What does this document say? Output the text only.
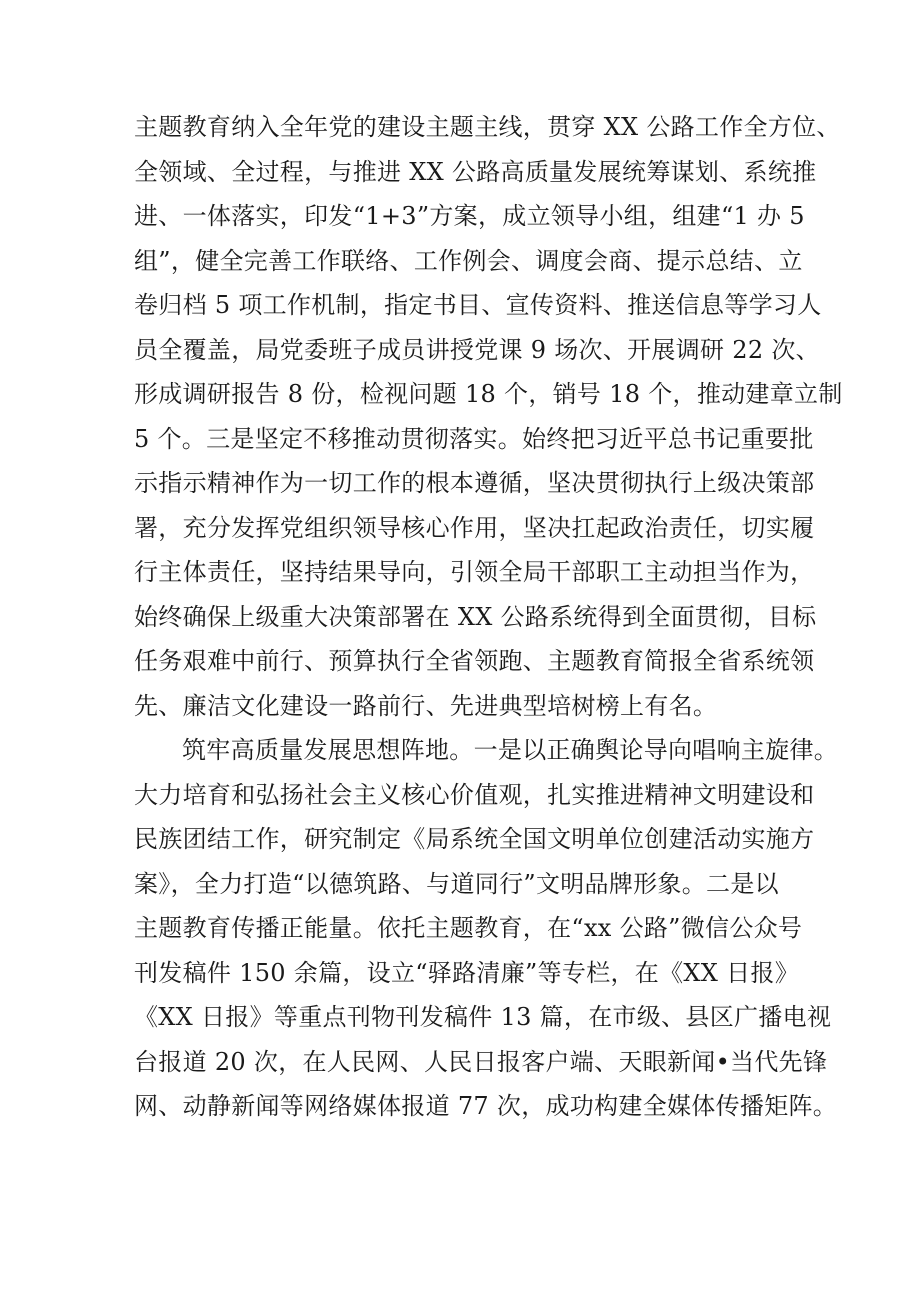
主题教育纳入全年党的建设主题主线，贯穿 XX 公路工作全方位、
全领域、全过程，与推进 XX 公路高质量发展统筹谋划、系统推
进、一体落实，印发“1+3”方案，成立领导小组，组建“1 办 5
组”，健全完善工作联络、工作例会、调度会商、提示总结、立
卷归档 5 项工作机制，指定书目、宣传资料、推送信息等学习人
员全覆盖，局党委班子成员讲授党课 9 场次、开展调研 22 次、
形成调研报告 8 份，检视问题 18 个，销号 18 个，推动建章立制
5 个。三是坚定不移推动贯彻落实。始终把习近平总书记重要批
示指示精神作为一切工作的根本遵循，坚决贯彻执行上级决策部
署，充分发挥党组织领导核心作用，坚决扛起政治责任，切实履
行主体责任，坚持结果导向，引领全局干部职工主动担当作为，
始终确保上级重大决策部署在 XX 公路系统得到全面贯彻，目标
任务艰难中前行、预算执行全省领跑、主题教育简报全省系统领
先、廉洁文化建设一路前行、先进典型培树榜上有名。
筑牢高质量发展思想阵地。一是以正确舆论导向唱响主旋律。
大力培育和弘扬社会主义核心价值观，扎实推进精神文明建设和
民族团结工作，研究制定《局系统全国文明单位创建活动实施方
案》，全力打造“以德筑路、与道同行”文明品牌形象。二是以
主题教育传播正能量。依托主题教育，在“xx 公路”微信公众号
刊发稿件 150 余篇，设立“驿路清廉”等专栏，在《XX 日报》
《XX 日报》等重点刊物刊发稿件 13 篇，在市级、县区广播电视
台报道 20 次，在人民网、人民日报客户端、天眼新闻•当代先锋
网、动静新闻等网络媒体报道 77 次，成功构建全媒体传播矩阵。
